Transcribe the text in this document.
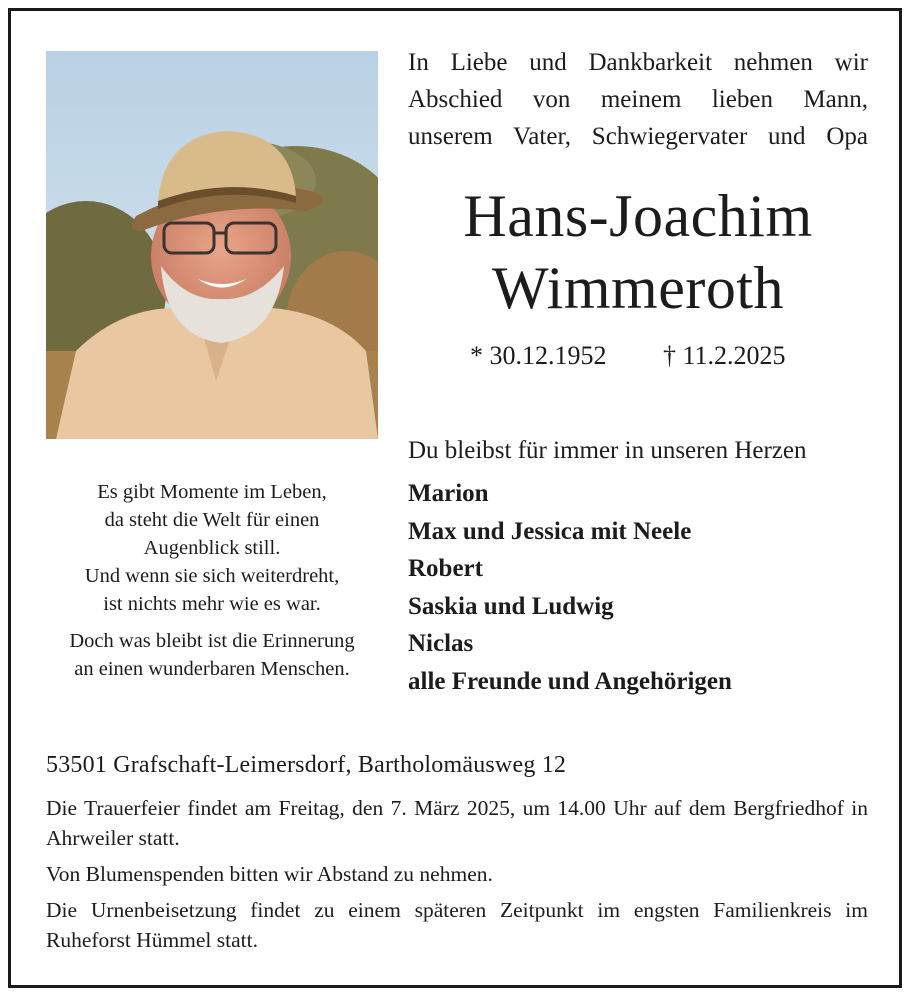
In Liebe und Dankbarkeit nehmen wir
Abschied von meinem lieben Mann,
unserem Vater, Schwiegervater und Opa
Hans-Joachim
Wimmeroth
* 30.12.1952 † 11.2.2025
Es gibt Momente im Leben,
da steht die Welt für einen
Augenblick still.
Und wenn sie sich weiterdreht,
ist nichts mehr wie es war.
Doch was bleibt ist die Erinnerung
an einen wunderbaren Menschen.
Du bleibst für immer in unseren Herzen
Marion
Max und Jessica mit Neele
Robert
Saskia und Ludwig
Niclas
alle Freunde und Angehörigen
53501 Grafschaft-Leimersdorf, Bartholomäusweg 12

Die Trauerfeier findet am Freitag, den 7. März 2025, um 14.00 Uhr auf dem Bergfriedhof in Ahrweiler statt.

Von Blumenspenden bitten wir Abstand zu nehmen.

Die Urnenbeisetzung findet zu einem späteren Zeitpunkt im engsten Familienkreis im Ruheforst Hümmel statt.
